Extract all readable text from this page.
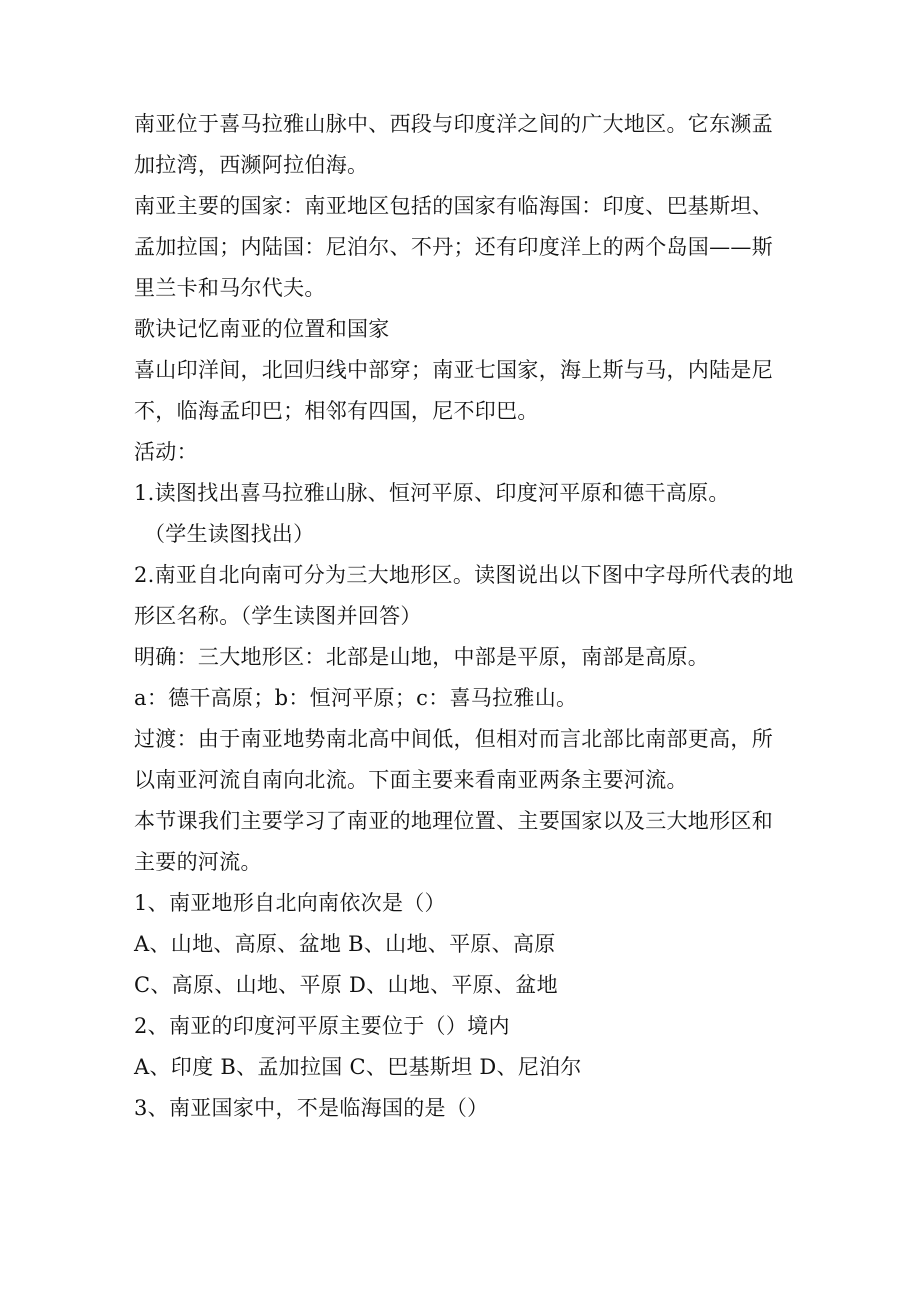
南亚位于喜马拉雅山脉中、西段与印度洋之间的广大地区。它东濒孟加拉湾，西濒阿拉伯海。

南亚主要的国家：南亚地区包括的国家有临海国：印度、巴基斯坦、孟加拉国；内陆国：尼泊尔、不丹；还有印度洋上的两个岛国——斯里兰卡和马尔代夫。

歌诀记忆南亚的位置和国家

喜山印洋间，北回归线中部穿；南亚七国家，海上斯与马，内陆是尼不，临海孟印巴；相邻有四国，尼不印巴。

活动：

1.读图找出喜马拉雅山脉、恒河平原、印度河平原和德干高原。

（学生读图找出）

2.南亚自北向南可分为三大地形区。读图说出以下图中字母所代表的地形区名称。（学生读图并回答）

明确：三大地形区：北部是山地，中部是平原，南部是高原。

a：德干高原；b：恒河平原；c：喜马拉雅山。

过渡：由于南亚地势南北高中间低，但相对而言北部比南部更高，所以南亚河流自南向北流。下面主要来看南亚两条主要河流。

本节课我们主要学习了南亚的地理位置、主要国家以及三大地形区和主要的河流。

1、南亚地形自北向南依次是（）

A、山地、高原、盆地 B、山地、平原、高原

C、高原、山地、平原 D、山地、平原、盆地

2、南亚的印度河平原主要位于（）境内

A、印度 B、孟加拉国 C、巴基斯坦 D、尼泊尔

3、南亚国家中，不是临海国的是（）
